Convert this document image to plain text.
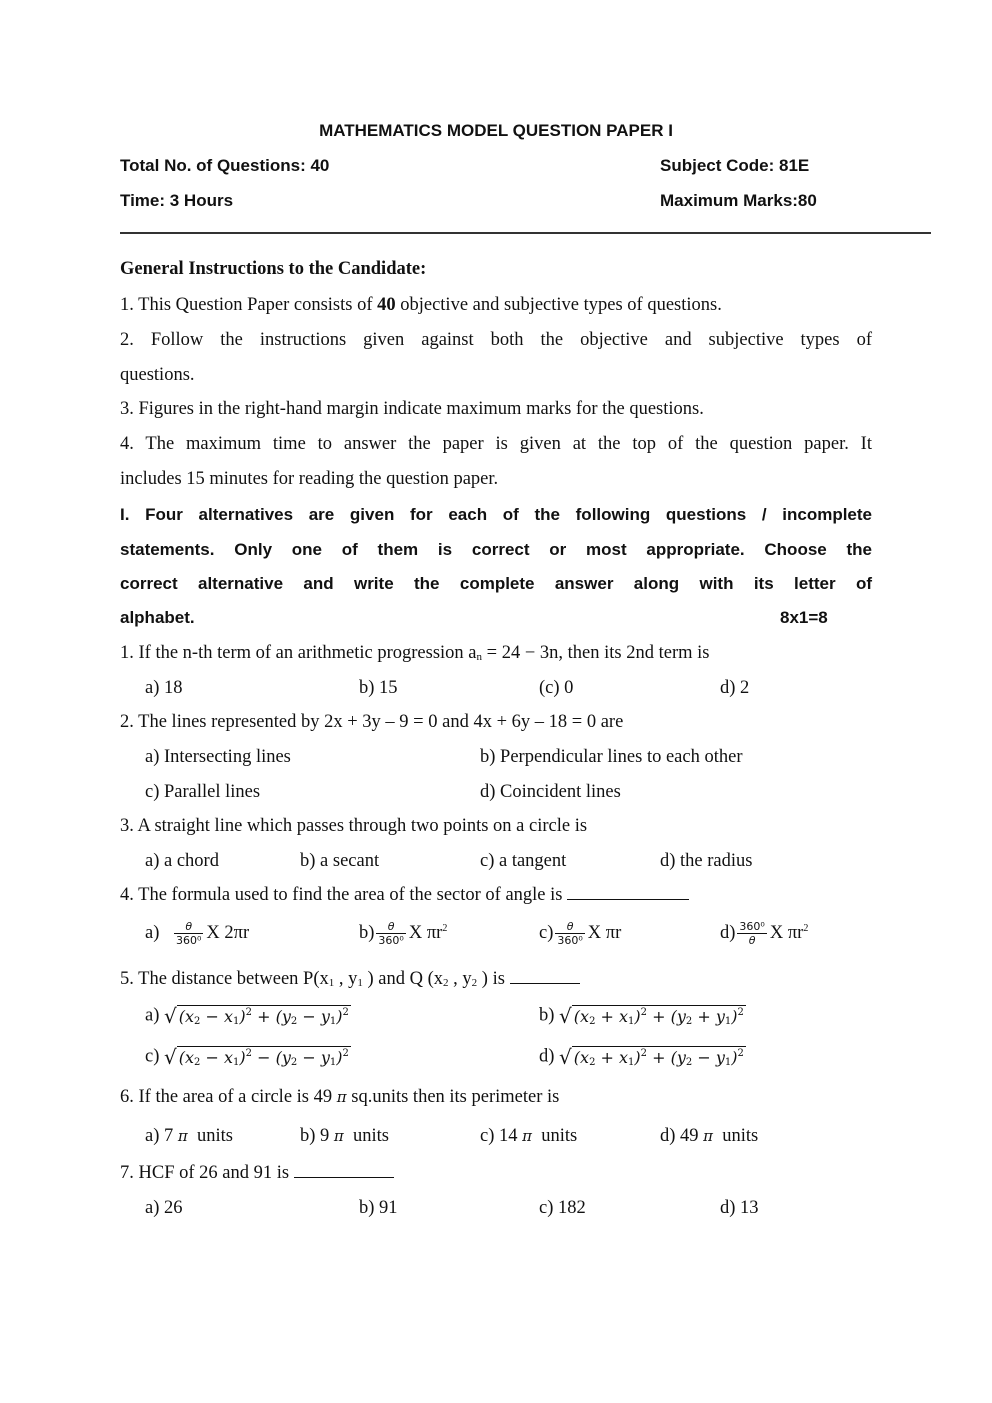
MATHEMATICS MODEL QUESTION PAPER I
Total No. of Questions: 40	Subject Code: 81E
Time: 3 Hours	Maximum Marks:80
General Instructions to the Candidate:
1. This Question Paper consists of 40 objective and subjective types of questions.
2. Follow the instructions given against both the objective and subjective types of
questions.
3. Figures in the right-hand margin indicate maximum marks for the questions.
4. The maximum time to answer the paper is given at the top of the question paper. It
includes 15 minutes for reading the question paper.
I. Four alternatives are given for each of the following questions / incomplete
statements. Only one of them is correct or most appropriate. Choose the
correct alternative and write the complete answer along with its letter of
alphabet.	8x1=8
1. If the n-th term of an arithmetic progression $a_n = 24 - 3n$, then its 2nd term is
a) 18	b) 15	(c) 0	d) 2
2. The lines represented by 2x + 3y – 9 = 0 and 4x + 6y – 18 = 0 are
a) Intersecting lines	b) Perpendicular lines to each other
c) Parallel lines	d) Coincident lines
3. A straight line which passes through two points on a circle is
a) a chord	b) a secant	c) a tangent	d) the radius
4. The formula used to find the area of the sector of angle is
$a) \frac{\theta}{\text{360⁰}}$ X 2πr	$b) \frac{\theta}{\text{360⁰}}$ X $\pi r^2$	$c) \frac{\theta}{\text{360⁰}}$ X πr	$d) \frac{\text{360⁰}}{\theta}$ X $\pi r^2$
5. The distance between $P(x_1$ , $y_1$ ) and Q ($x_2$ , $y_2$ ) is
a) √ $(x_2 - x_1)^2 + (y_2 - y_1)^2$	b) √ $(x_2 + x_1)^2 + (y_2 + y_1)^2$
c) √ $(x_2 - x_1)^2 - (y_2 - y_1)^2$	d) √ $(x_2 + x_1)^2 + (y_2 - y_1)^2$
6. If the area of a circle is 49 π sq.units then its perimeter is
a) 7 π  units	b) 9 π  units	c) 14 π  units	d) 49 π  units
7. HCF of 26 and 91 is
a) 26	b) 91	c) 182	d) 13
